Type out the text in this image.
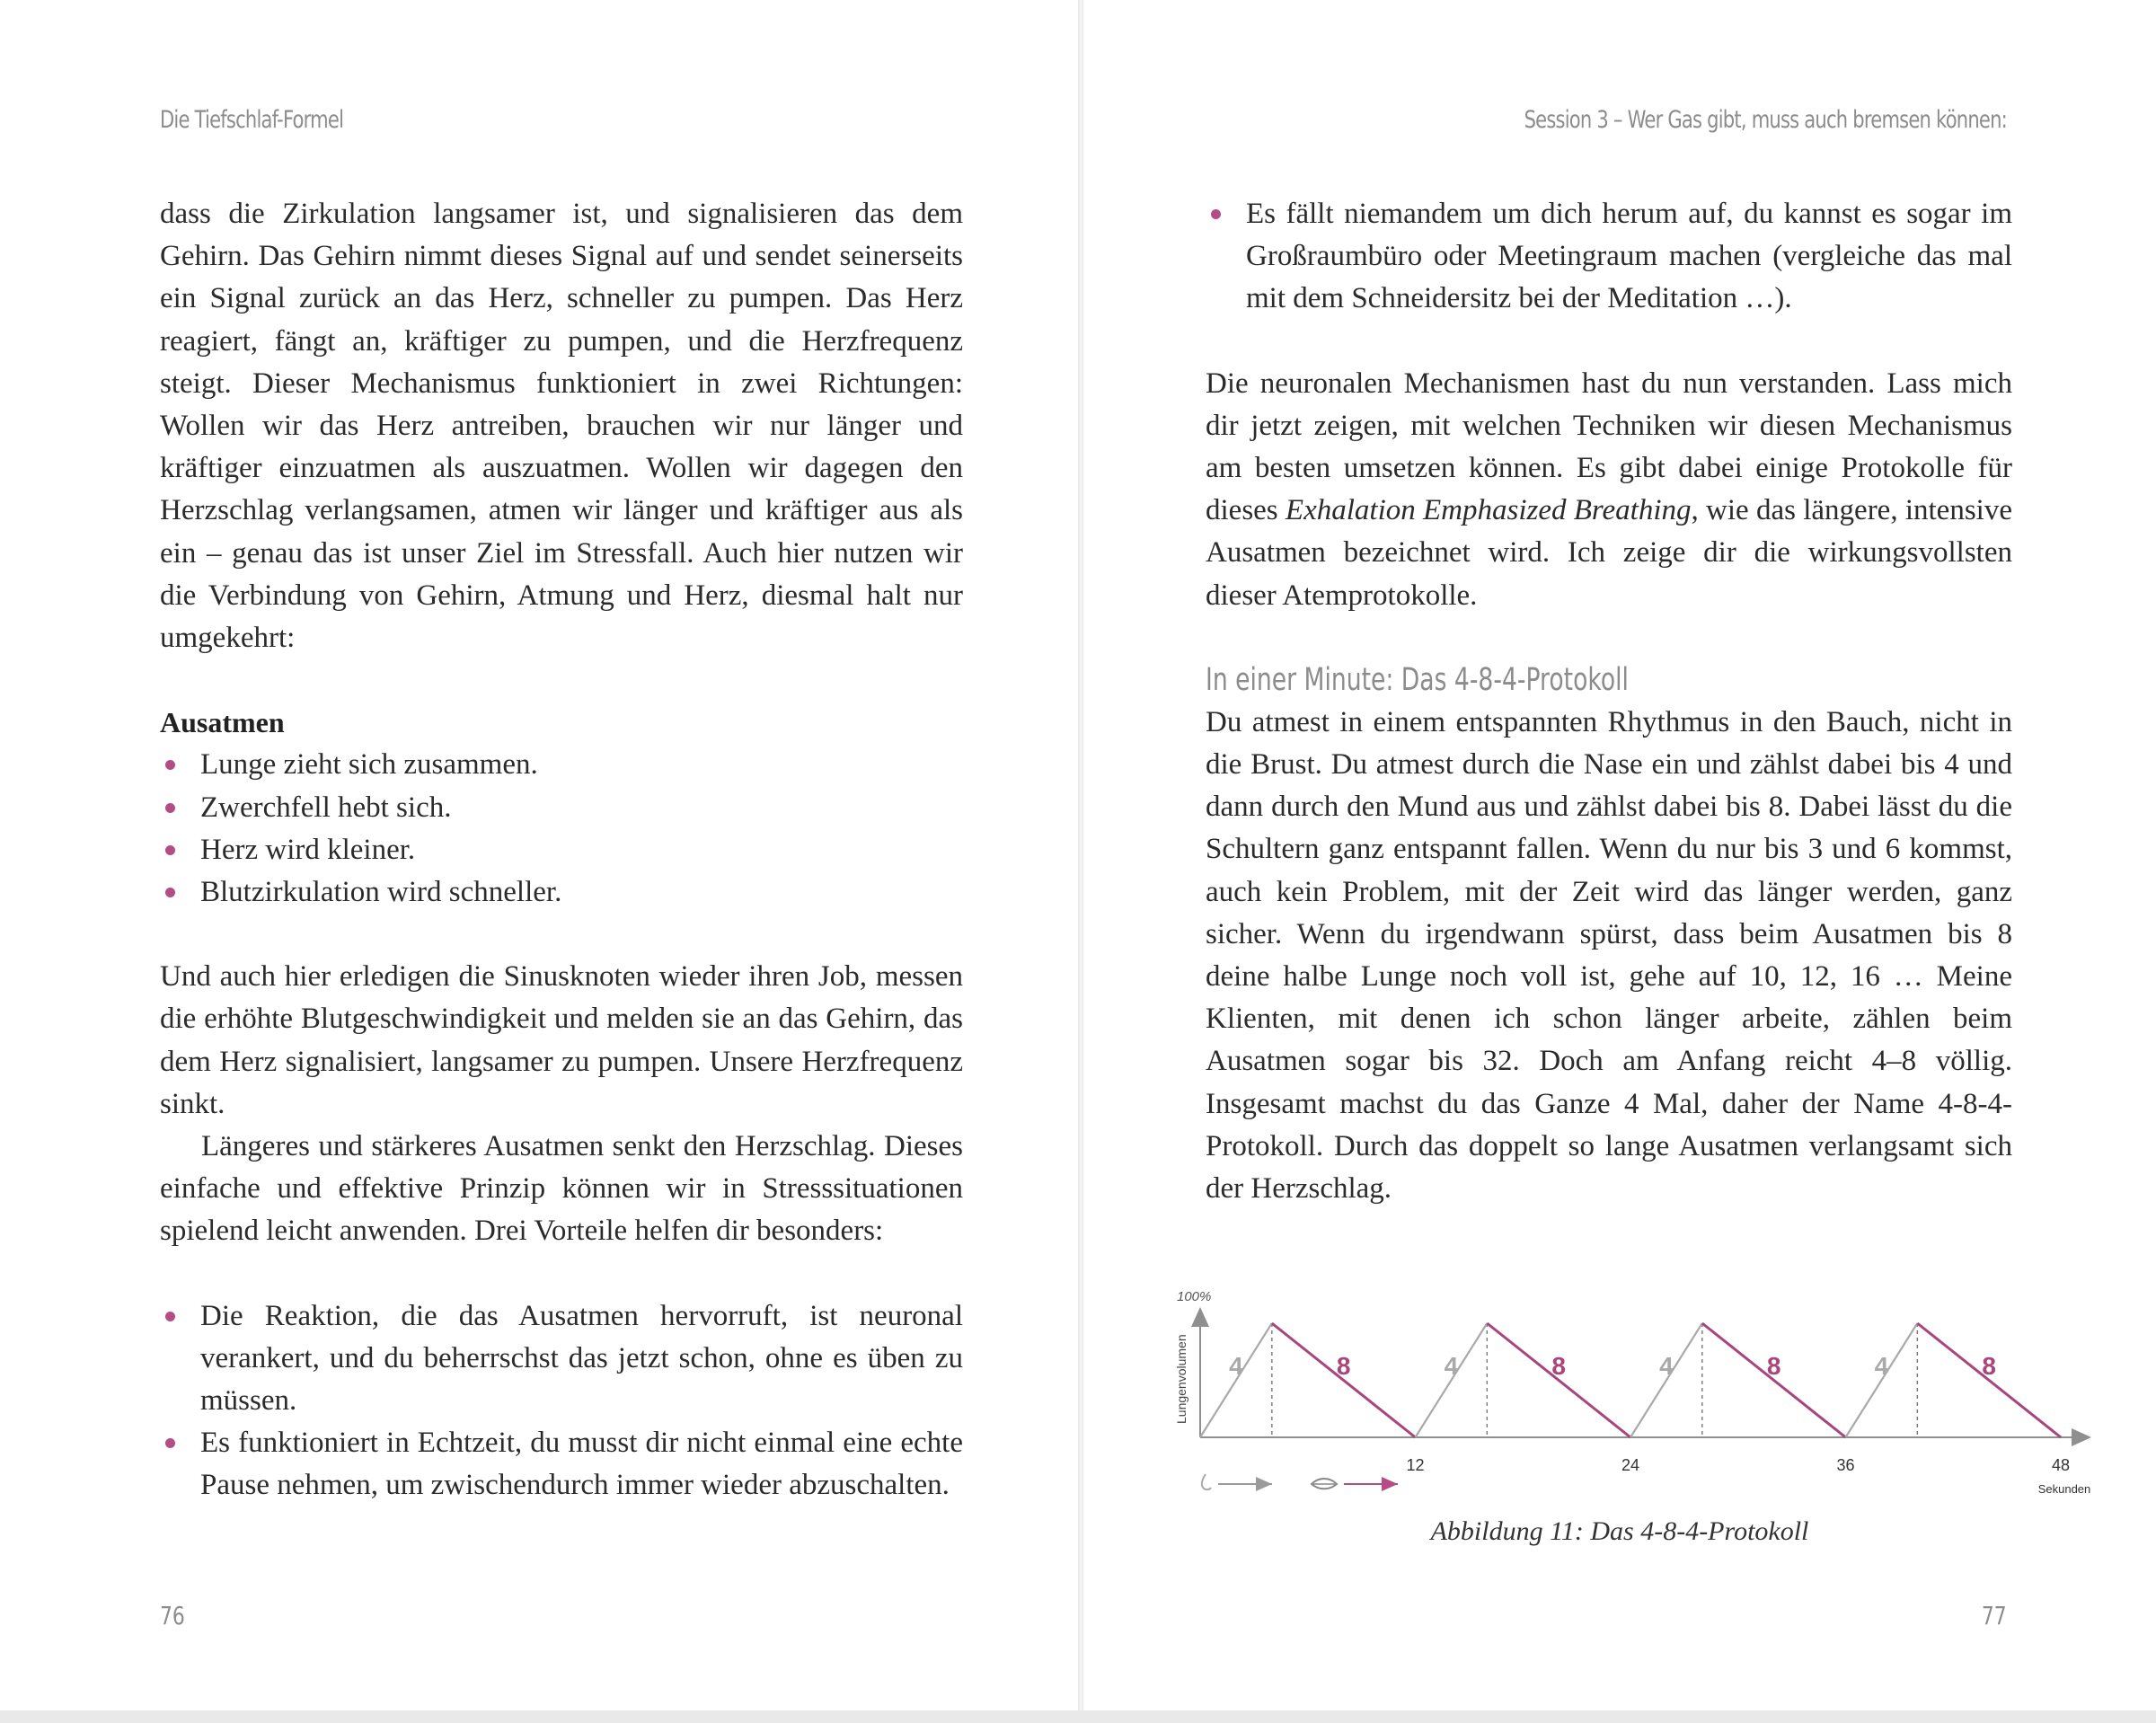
Die Tiefschlaf-Formel

dass die Zirkulation langsamer ist, und signalisieren das dem Gehirn. Das Gehirn nimmt dieses Signal auf und sendet seinerseits ein Signal zurück an das Herz, schneller zu pumpen. Das Herz reagiert, fängt an, kräftiger zu pumpen, und die Herzfrequenz steigt. Dieser Mechanismus funktioniert in zwei Richtungen: Wollen wir das Herz antreiben, brauchen wir nur länger und kräftiger einzuatmen als auszuatmen. Wollen wir dagegen den Herzschlag verlangsamen, atmen wir länger und kräftiger aus als ein – genau das ist unser Ziel im Stressfall. Auch hier nutzen wir die Verbindung von Gehirn, Atmung und Herz, diesmal halt nur umgekehrt:

Ausatmen

Lunge zieht sich zusammen.
Zwerchfell hebt sich.
Herz wird kleiner.
Blutzirkulation wird schneller.

Und auch hier erledigen die Sinusknoten wieder ihren Job, messen die erhöhte Blutgeschwindigkeit und melden sie an das Gehirn, das dem Herz signalisiert, langsamer zu pumpen. Unsere Herzfrequenz sinkt.

Längeres und stärkeres Ausatmen senkt den Herzschlag. Dieses einfache und effektive Prinzip können wir in Stresssituationen spielend leicht anwenden. Drei Vorteile helfen dir besonders:

Die Reaktion, die das Ausatmen hervorruft, ist neuronal verankert, und du beherrschst das jetzt schon, ohne es üben zu müssen.
Es funktioniert in Echtzeit, du musst dir nicht einmal eine echte Pause nehmen, um zwischendurch immer wieder abzuschalten.
76
Session 3 – Wer Gas gibt, muss auch bremsen können:
Es fällt niemandem um dich herum auf, du kannst es sogar im Großraumbüro oder Meetingraum machen (vergleiche das mal mit dem Schneidersitz bei der Meditation …).

Die neuronalen Mechanismen hast du nun verstanden. Lass mich dir jetzt zeigen, mit welchen Techniken wir diesen Mechanismus am besten umsetzen können. Es gibt dabei einige Protokolle für dieses Exhalation Emphasized Breathing, wie das längere, intensive Ausatmen bezeichnet wird. Ich zeige dir die wirkungsvollsten dieser Atemprotokolle.

In einer Minute: Das 4-8-4-Protokoll

Du atmest in einem entspannten Rhythmus in den Bauch, nicht in die Brust. Du atmest durch die Nase ein und zählst dabei bis 4 und dann durch den Mund aus und zählst dabei bis 8. Dabei lässt du die Schultern ganz entspannt fallen. Wenn du nur bis 3 und 6 kommst, auch kein Problem, mit der Zeit wird das länger werden, ganz sicher. Wenn du irgendwann spürst, dass beim Ausatmen bis 8 deine halbe Lunge noch voll ist, gehe auf 10, 12, 16 … Meine Klienten, mit denen ich schon länger arbeite, zählen beim Ausatmen sogar bis 32. Doch am Anfang reicht 4–8 völlig. Insgesamt machst du das Ganze 4 Mal, daher der Name 4-8-4-Protokoll. Durch das doppelt so lange Ausatmen verlangsamt sich der Herzschlag.

100%
Lungenvolumen 4	8	4	8	4	8	4	8
12	24	36	48
Sekunden
Abbildung 11: Das 4-8-4-Protokoll
77
